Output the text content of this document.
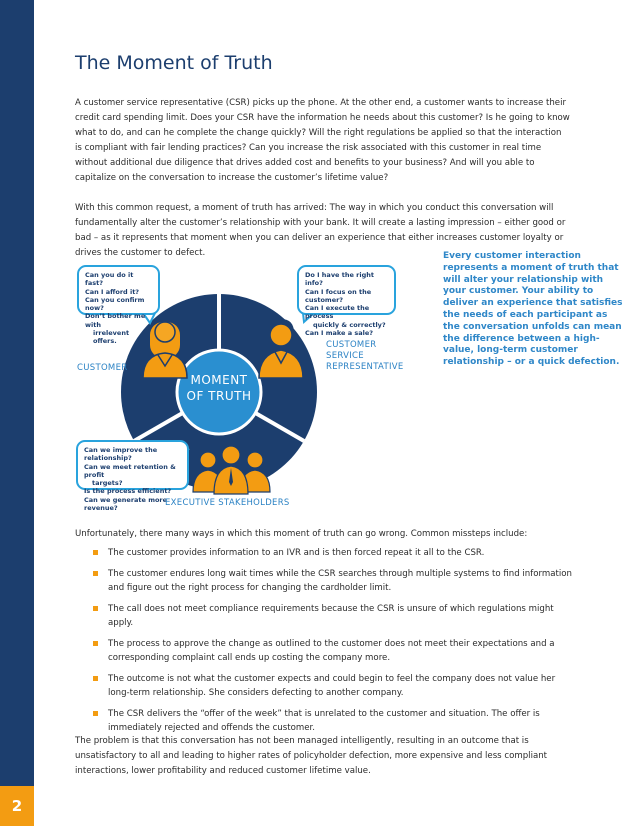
2
The Moment of Truth

A customer service representative (CSR) picks up the phone. At the other end, a customer wants to increase their credit card spending limit. Does your CSR have the information he needs about this customer? Is he going to know what to do, and can he complete the change quickly? Will the right regulations be applied so that the interaction is compliant with fair lending practices? Can you increase the risk associated with this customer in real time without additional due diligence that drives added cost and benefits to your business? And will you able to capitalize on the conversation to increase the customer’s lifetime value?

With this common request, a moment of truth has arrived: The way in which you conduct this conversation will fundamentally alter the customer’s relationship with your bank. It will create a lasting impression – either good or bad – as it represents that moment when you can deliver an experience that either increases customer loyalty or drives the customer to defect.	Every customer interaction represents a moment of truth that will alter your relationship with your customer. Your ability to deliver an experience that satisfies the needs of each participant as the conversation unfolds can mean the difference between a high-value, long-term customer relationship – or a quick defection.

MOMENT
OF TRUTH
Can you do it fast?
Can I afford it?
Can you confirm now?
Don’t bother me with
irrelevent offers.
Do I have the right info?
Can I focus on the customer?
Can I execute the process
quickly & correctly?
Can I make a sale?
Can we improve the relationship?
Can we meet retention & profit
targets?
Is the process efficient?
Can we generate more revenue?
CUSTOMER
CUSTOMER
SERVICE
REPRESENTATIVE
EXECUTIVE STAKEHOLDERS

Unfortunately, there many ways in which this moment of truth can go wrong. Common missteps include:

The customer provides information to an IVR and is then forced repeat it all to the CSR.
The customer endures long wait times while the CSR searches through multiple systems to find information and figure out the right process for changing the cardholder limit.
The call does not meet compliance requirements because the CSR is unsure of which regulations might apply.
The process to approve the change as outlined to the customer does not meet their expectations and a corresponding complaint call ends up costing the company more.
The outcome is not what the customer expects and could begin to feel the company does not value her long-term relationship. She considers defecting to another company.
The CSR delivers the “offer of the week” that is unrelated to the customer and situation. The offer is immediately rejected and offends the customer.

The problem is that this conversation has not been managed intelligently, resulting in an outcome that is unsatisfactory to all and leading to higher rates of policyholder defection, more expensive and less compliant interactions, lower profitability and reduced customer lifetime value.
